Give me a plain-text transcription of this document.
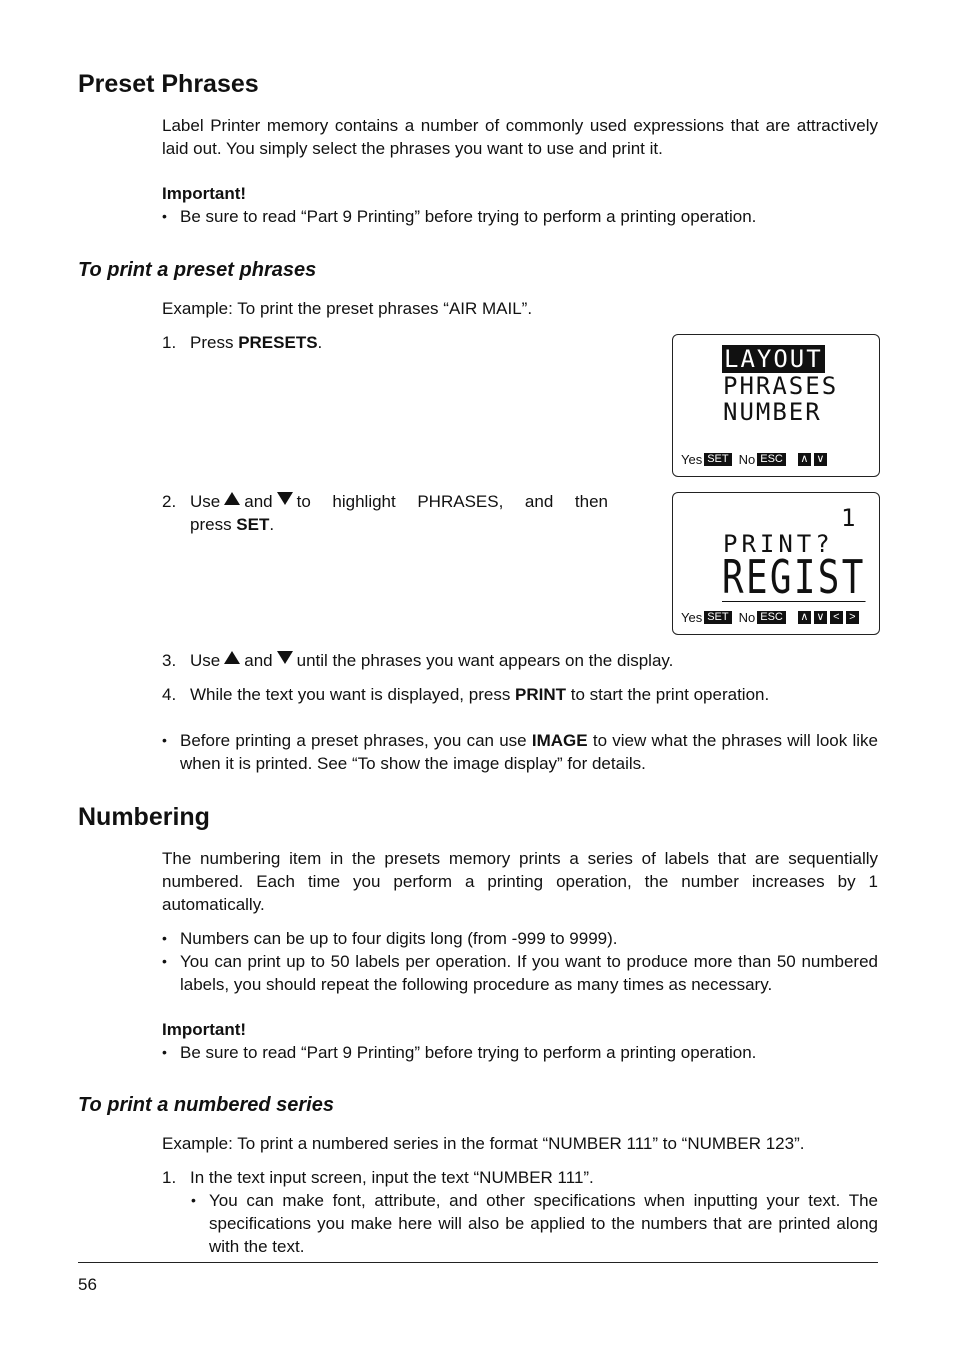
Preset Phrases
Label Printer memory contains a number of commonly used expressions that are attractively laid out. You simply select the phrases you want to use and print it.
Important!
• Be sure to read “Part 9 Printing” before trying to perform a printing operation.
To print a preset phrases
Example: To print the preset phrases “AIR MAIL”.
1. Press PRESETS.
LAYOUT
PHRASES
NUMBER
Yes SET No ESC ∧ ∨
2. Use and to highlight PHRASES, and then
press SET.	1
PRINT?
REGIST
Yes SET No ESC ∧ ∨ < >
3. Use and until the phrases you want appears on the display.
4. While the text you want is displayed, press PRINT to start the print operation.
• Before printing a preset phrases, you can use IMAGE to view what the phrases will look like when it is printed. See “To show the image display” for details.
Numbering
The numbering item in the presets memory prints a series of labels that are sequentially numbered. Each time you perform a printing operation, the number increases by 1 automatically.
• Numbers can be up to four digits long (from -999 to 9999).
• You can print up to 50 labels per operation. If you want to produce more than 50 numbered labels, you should repeat the following procedure as many times as necessary.
Important!
• Be sure to read “Part 9 Printing” before trying to perform a printing operation.
To print a numbered series
Example: To print a numbered series in the format “NUMBER 111” to “NUMBER 123”.
1. In the text input screen, input the text “NUMBER 111”.
• You can make font, attribute, and other specifications when inputting your text. The specifications you make here will also be applied to the numbers that are printed along with the text.
56
